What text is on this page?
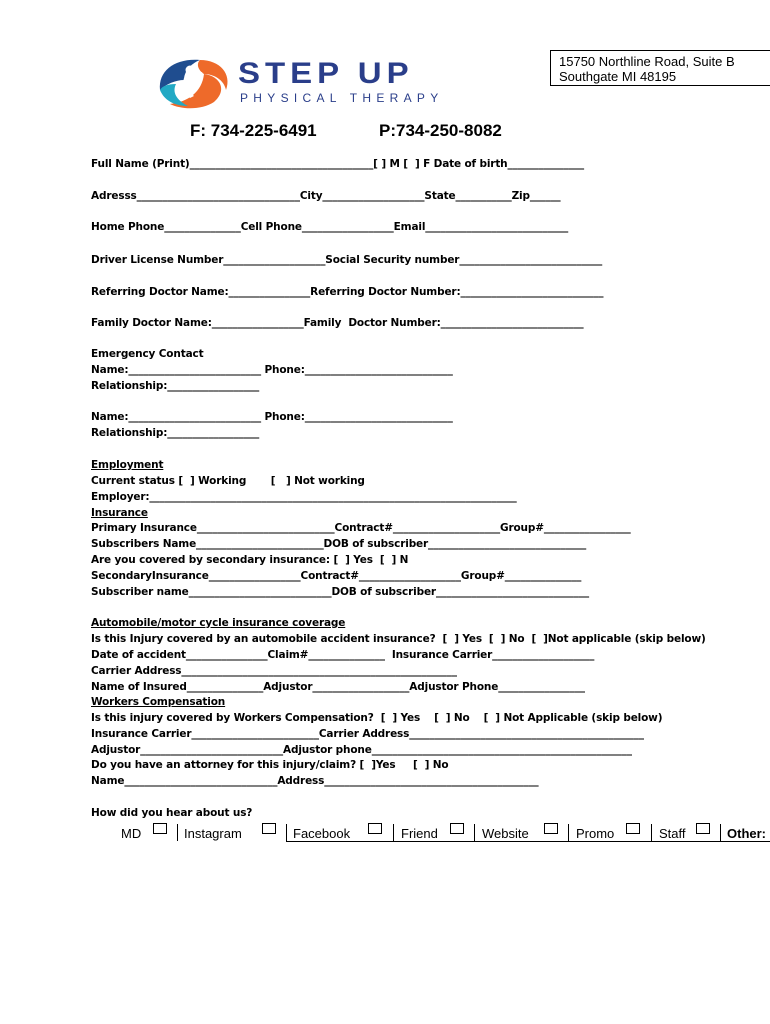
STEP UP
PHYSICAL THERAPY
15750 Northline Road, Suite B
Southgate MI 48195
F: 734-225-6491	P:734-250-8082
Full Name (Print)____________________________________[ ] M [  ] F Date of birth_______________
Adresss________________________________City____________________State___________Zip______
Home Phone_______________Cell Phone__________________Email____________________________
Driver License Number____________________Social Security number____________________________
Referring Doctor Name:________________Referring Doctor Number:____________________________
Family Doctor Name:__________________Family  Doctor Number:____________________________
Emergency Contact
Name:__________________________ Phone:_____________________________
Relationship:__________________
Name:__________________________ Phone:_____________________________
Relationship:__________________
Employment
Current status [  ] Working       [   ] Not working
Employer:________________________________________________________________________
Insurance
Primary Insurance___________________________Contract#_____________________Group#_________________
Subscribers Name_________________________DOB of subscriber_______________________________
Are you covered by secondary insurance: [  ] Yes  [  ] N
SecondaryInsurance__________________Contract#____________________Group#_______________
Subscriber name____________________________DOB of subscriber______________________________
Automobile/motor cycle insurance coverage
Is this Injury covered by an automobile accident insurance?  [  ] Yes  [  ] No  [  ]Not applicable (skip below)
Date of accident________________Claim#_______________  Insurance Carrier____________________
Carrier Address______________________________________________________
Name of Insured_______________Adjustor___________________Adjustor Phone_________________
Workers Compensation
Is this injury covered by Workers Compensation?  [  ] Yes    [  ] No    [  ] Not Applicable (skip below)
Insurance Carrier_________________________Carrier Address______________________________________________
Adjustor____________________________Adjustor phone___________________________________________________
Do you have an attorney for this injury/claim? [  ]Yes     [  ] No
Name______________________________Address__________________________________________
How did you hear about us?
MD	Instagram	Facebook	Friend	Website	Promo	Staff	Other:
